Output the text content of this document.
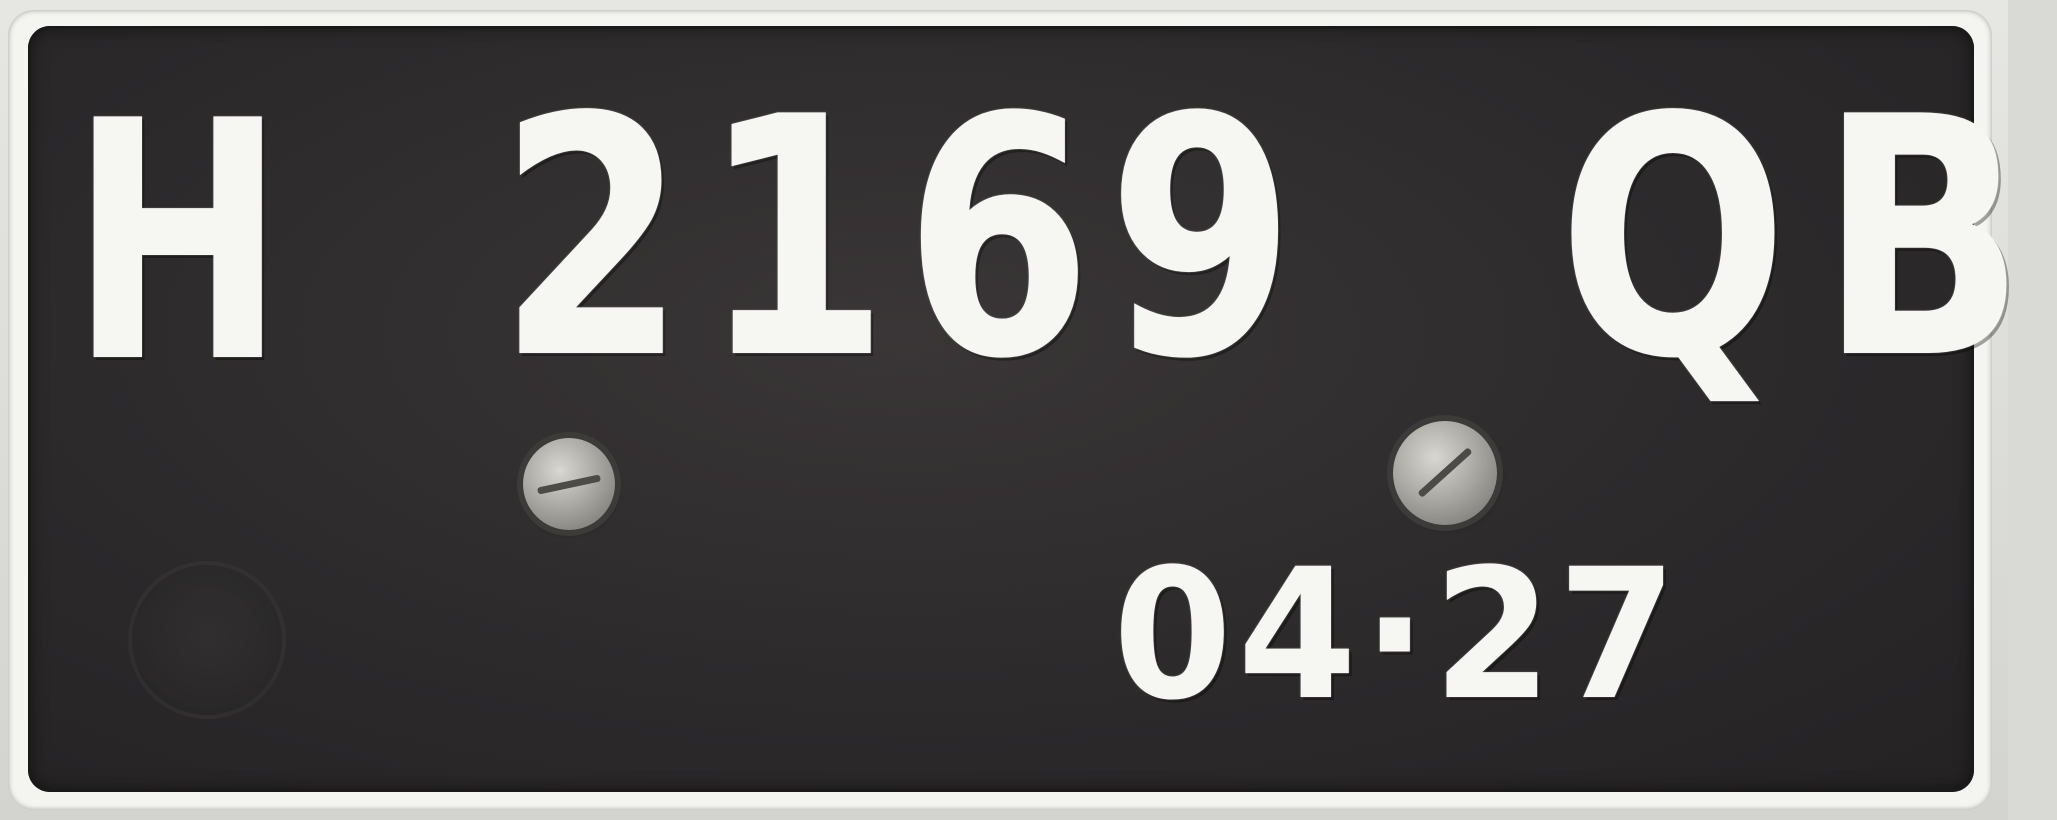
H 2169 QB
04·27
